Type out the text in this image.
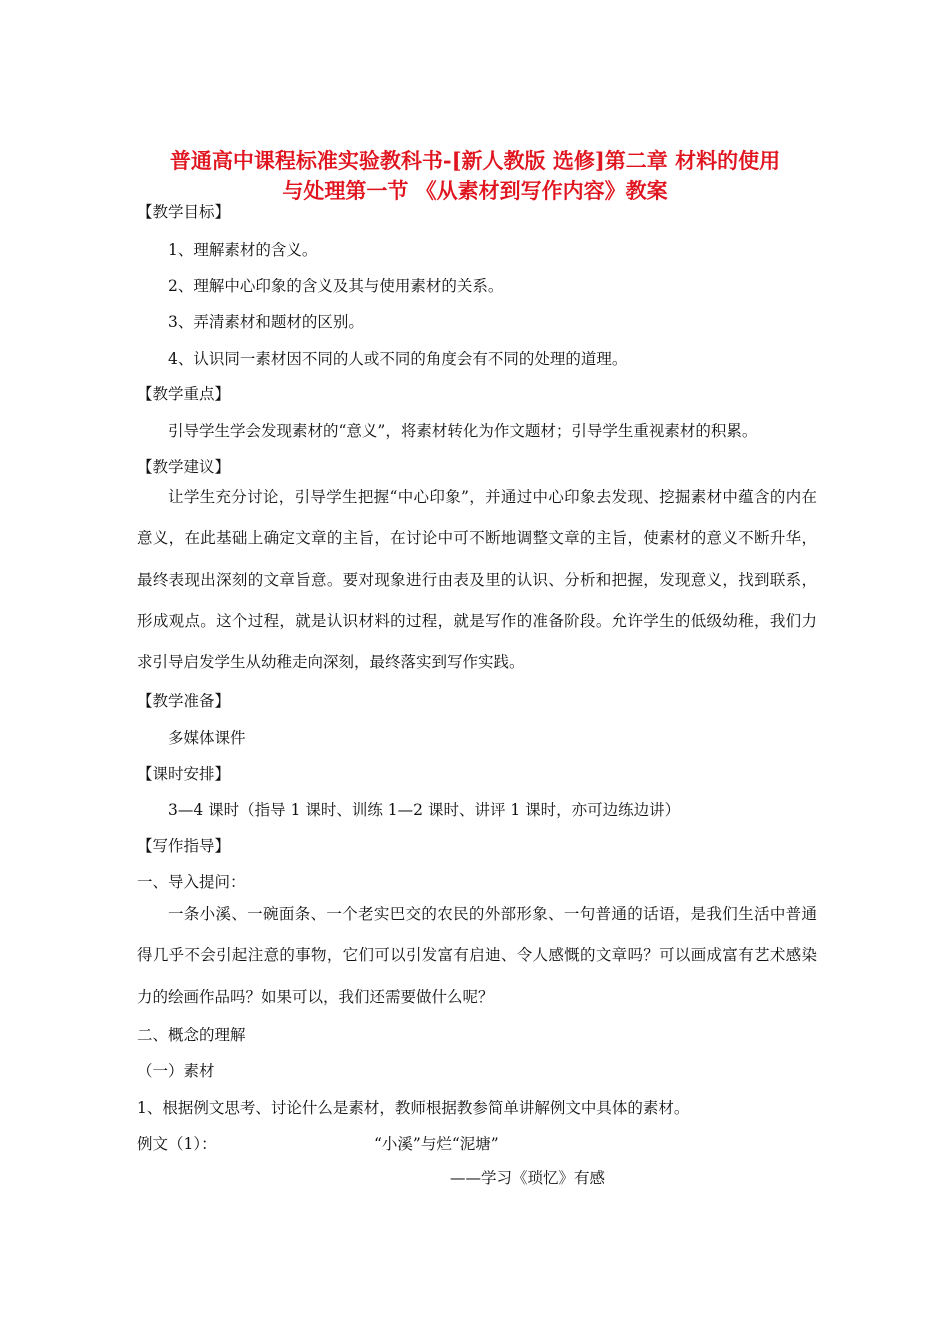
普通高中课程标准实验教科书-[新人教版 选修]第二章 材料的使用
与处理第一节 《从素材到写作内容》教案
【教学目标】
1、理解素材的含义。
2、理解中心印象的含义及其与使用素材的关系。
3、弄清素材和题材的区别。
4、认识同一素材因不同的人或不同的角度会有不同的处理的道理。
【教学重点】
引导学生学会发现素材的“意义”，将素材转化为作文题材；引导学生重视素材的积累。
【教学建议】

让学生充分讨论，引导学生把握“中心印象”，并通过中心印象去发现、挖掘素材中蕴含的内在意义，在此基础上确定文章的主旨，在讨论中可不断地调整文章的主旨，使素材的意义不断升华，最终表现出深刻的文章旨意。要对现象进行由表及里的认识、分析和把握，发现意义，找到联系，形成观点。这个过程，就是认识材料的过程，就是写作的准备阶段。允许学生的低级幼稚，我们力求引导启发学生从幼稚走向深刻，最终落实到写作实践。

【教学准备】
多媒体课件
【课时安排】
3—4 课时（指导 1 课时、训练 1—2 课时、讲评 1 课时，亦可边练边讲）
【写作指导】
一、导入提问：

一条小溪、一碗面条、一个老实巴交的农民的外部形象、一句普通的话语，是我们生活中普通得几乎不会引起注意的事物，它们可以引发富有启迪、令人感慨的文章吗？可以画成富有艺术感染力的绘画作品吗？如果可以，我们还需要做什么呢？

二、概念的理解
（一）素材
1、根据例文思考、讨论什么是素材，教师根据教参简单讲解例文中具体的素材。
例文（1）：	“小溪”与烂“泥塘”
——学习《琐忆》有感
